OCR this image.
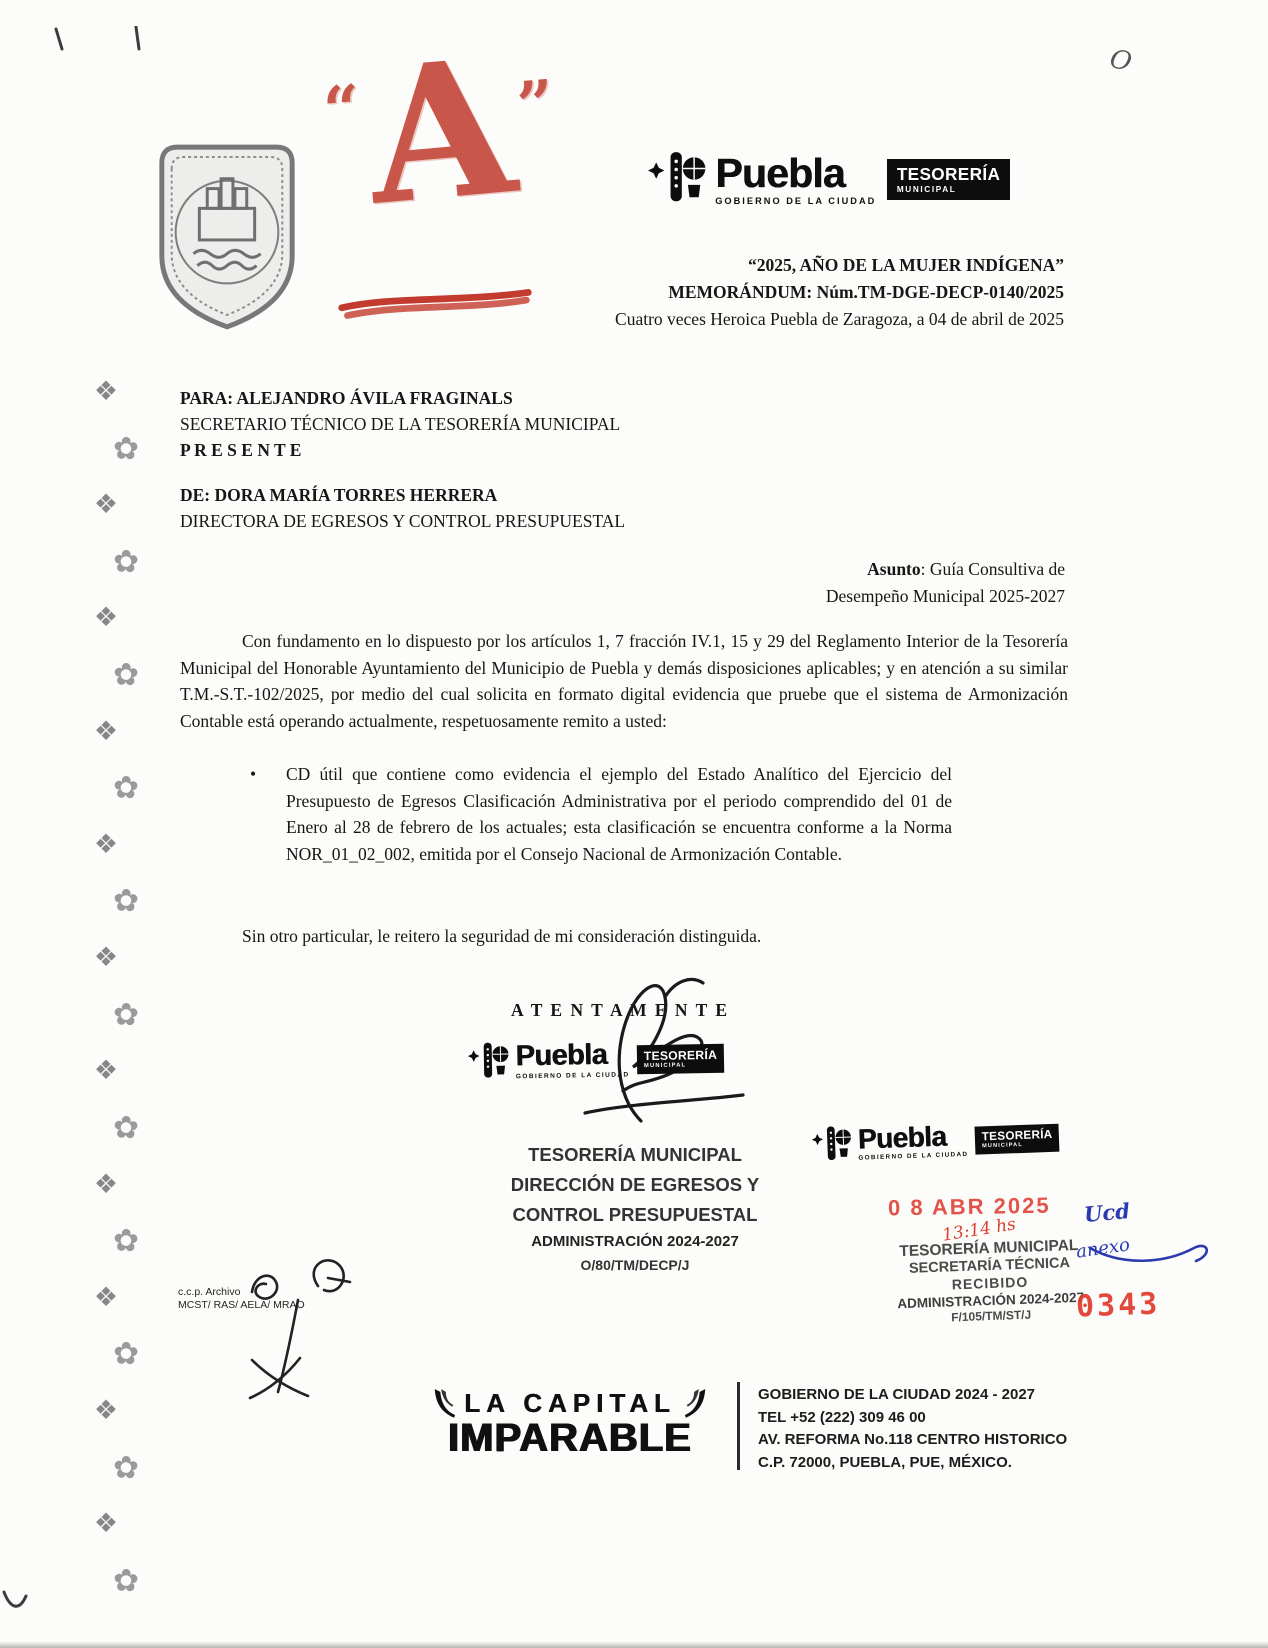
❖
✿
❖
✿
❖
✿
❖
✿
❖
✿
❖
✿
❖
✿
❖
✿
❖
✿
❖
✿
❖
✿
“
A
”
O
Puebla
GOBIERNO DE LA CIUDAD
TESORERÍA
MUNICIPAL
“2025, AÑO DE LA MUJER INDÍGENA”
MEMORÁNDUM: Núm.TM-DGE-DECP-0140/2025
Cuatro veces Heroica Puebla de Zaragoza, a 04 de abril de 2025
PARA: ALEJANDRO ÁVILA FRAGINALS
SECRETARIO TÉCNICO DE LA TESORERÍA MUNICIPAL
P R E S E N T E
DE: DORA MARÍA TORRES HERRERA
DIRECTORA DE EGRESOS Y CONTROL PRESUPUESTAL
Asunto: Guía Consultiva de
Desempeño Municipal 2025-2027
Con fundamento en lo dispuesto por los artículos 1, 7 fracción IV.1, 15 y 29 del Reglamento Interior de la Tesorería Municipal del Honorable Ayuntamiento del Municipio de Puebla y demás disposiciones aplicables; y en atención a su similar T.M.-S.T.-102/2025, por medio del cual solicita en formato digital evidencia que pruebe que el sistema de Armonización Contable está operando actualmente, respetuosamente remito a usted:
•	CD útil que contiene como evidencia el ejemplo del Estado Analítico del Ejercicio del Presupuesto de Egresos Clasificación Administrativa por el periodo comprendido del 01 de Enero al 28 de febrero de los actuales; esta clasificación se encuentra conforme a la Norma NOR_01_02_002, emitida por el Consejo Nacional de Armonización Contable.
Sin otro particular, le reitero la seguridad de mi consideración distinguida.
A T E N T A M E N T E
Puebla
GOBIERNO DE LA CIUDAD
TESORERÍA
MUNICIPAL
TESORERÍA MUNICIPAL
DIRECCIÓN DE EGRESOS Y
CONTROL PRESUPUESTAL
ADMINISTRACIÓN 2024-2027
O/80/TM/DECP/J
Puebla
GOBIERNO DE LA CIUDAD
TESORERÍA
MUNICIPAL
0 8 ABR 2025
13:14 hs
Ucd
anexo
TESORERÍA MUNICIPAL
SECRETARÍA TÉCNICA
RECIBIDO
ADMINISTRACIÓN 2024-2027
F/105/TM/ST/J	0343
c.c.p. Archivo
MCST/ RAS/ AELA/ MRAO
LA CAPITAL
IMPARABLE
GOBIERNO DE LA CIUDAD 2024 - 2027
TEL +52 (222) 309 46 00
AV. REFORMA No.118 CENTRO HISTORICO
C.P. 72000, PUEBLA, PUE, MÉXICO.
